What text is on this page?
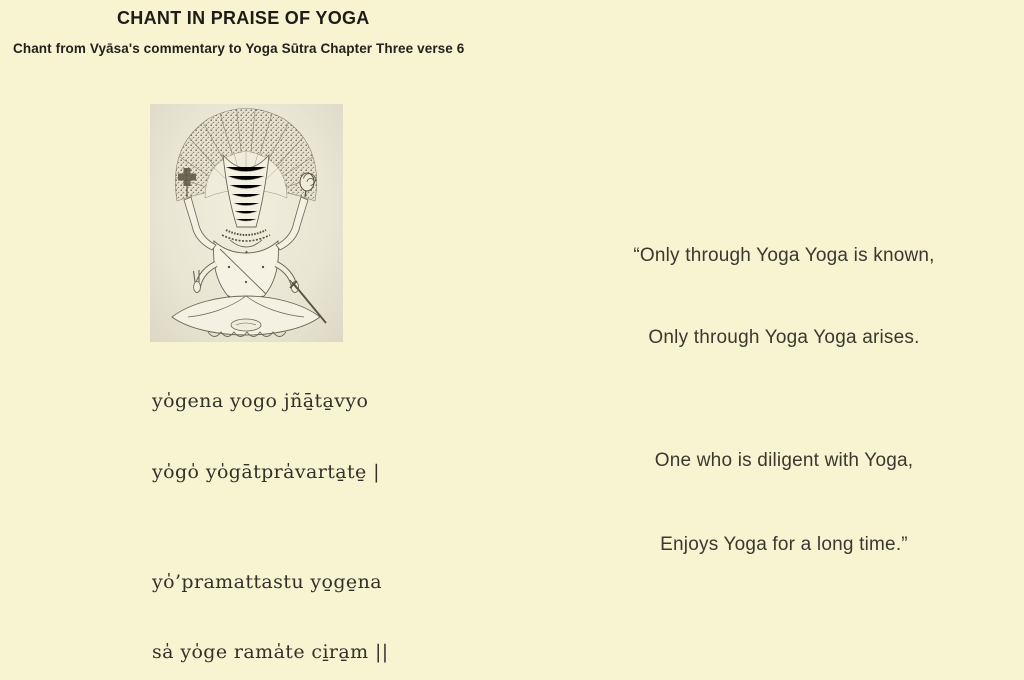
CHANT IN PRAISE OF YOGA
Chant from Vyāsa's commentary to Yoga Sūtra Chapter Three verse 6
yo̍gena yogo jñā̱ta̱vyo
yo̍go̍ yo̍gātpra̍varta̱te̱ |
yo̍’pramattastu yo̱ge̱na
sa̍ yo̍ge rama̍te ci̱ra̱m ||
“Only through Yoga Yoga is known,
Only through Yoga Yoga arises.
One who is diligent with Yoga,
Enjoys Yoga for a long time.”
